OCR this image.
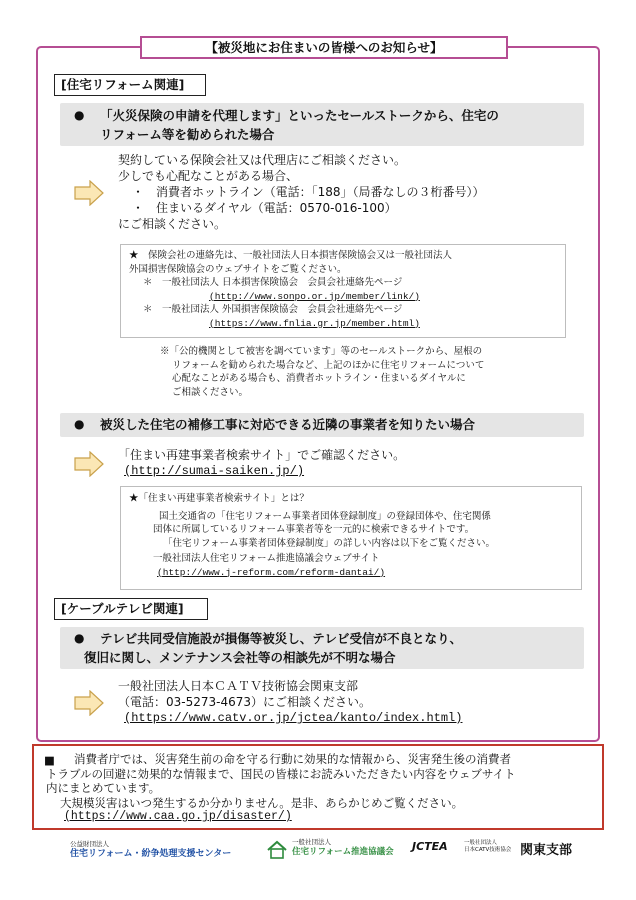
【被災地にお住まいの皆様へのお知らせ】
[住宅リフォーム関連]
● 「火災保険の申請を代理します」といったセールストークから、住宅の
リフォーム等を勧められた場合
契約している保険会社又は代理店にご相談ください。
少しでも心配なことがある場合、
・　消費者ホットライン（電話：「188」（局番なしの３桁番号））
・　住まいるダイヤル（電話：0570-016-100）
にご相談ください。
★　保険会社の連絡先は、一般社団法人日本損害保険協会又は一般社団法人
外国損害保険協会のウェブサイトをご覧ください。
＊　一般社団法人 日本損害保険協会　会員会社連絡先ページ
(http://www.sonpo.or.jp/member/link/)
＊　一般社団法人 外国損害保険協会　会員会社連絡先ページ
(https://www.fnlia.gr.jp/member.html)
※「公的機関として被害を調べています」等のセールストークから、屋根の
リフォームを勧められた場合など、上記のほかに住宅リフォームについて
心配なことがある場合も、消費者ホットライン・住まいるダイヤルに
ご相談ください。
● 被災した住宅の補修工事に対応できる近隣の事業者を知りたい場合
「住まい再建事業者検索サイト」でご確認ください。
(http://sumai-saiken.jp/)
★「住まい再建事業者検索サイト」とは？
国土交通省の「住宅リフォーム事業者団体登録制度」の登録団体や、住宅関係
団体に所属しているリフォーム事業者等を一元的に検索できるサイトです。
「住宅リフォーム事業者団体登録制度」の詳しい内容は以下をご覧ください。
一般社団法人住宅リフォーム推進協議会ウェブサイト
(http://www.j-reform.com/reform-dantai/)
[ケーブルテレビ関連]
● テレビ共同受信施設が損傷等被災し、テレビ受信が不良となり、
復旧に関し、メンテナンス会社等の相談先が不明な場合
一般社団法人日本ＣＡＴＶ技術協会関東支部
（電話：03-5273-4673）にご相談ください。
(https://www.catv.or.jp/jctea/kanto/index.html)
■	消費者庁では、災害発生前の命を守る行動に効果的な情報から、災害発生後の消費者
トラブルの回避に効果的な情報まで、国民の皆様にお読みいただきたい内容をウェブサイト
内にまとめています。
大規模災害はいつ発生するか分かりません。是非、あらかじめご覧ください。
(https://www.caa.go.jp/disaster/)
公益財団法人
住宅リフォーム・紛争処理支援センター
一般社団法人
住宅リフォーム推進協議会 JCTEA	一般社団法人
日本CATV技術協会 関東支部
